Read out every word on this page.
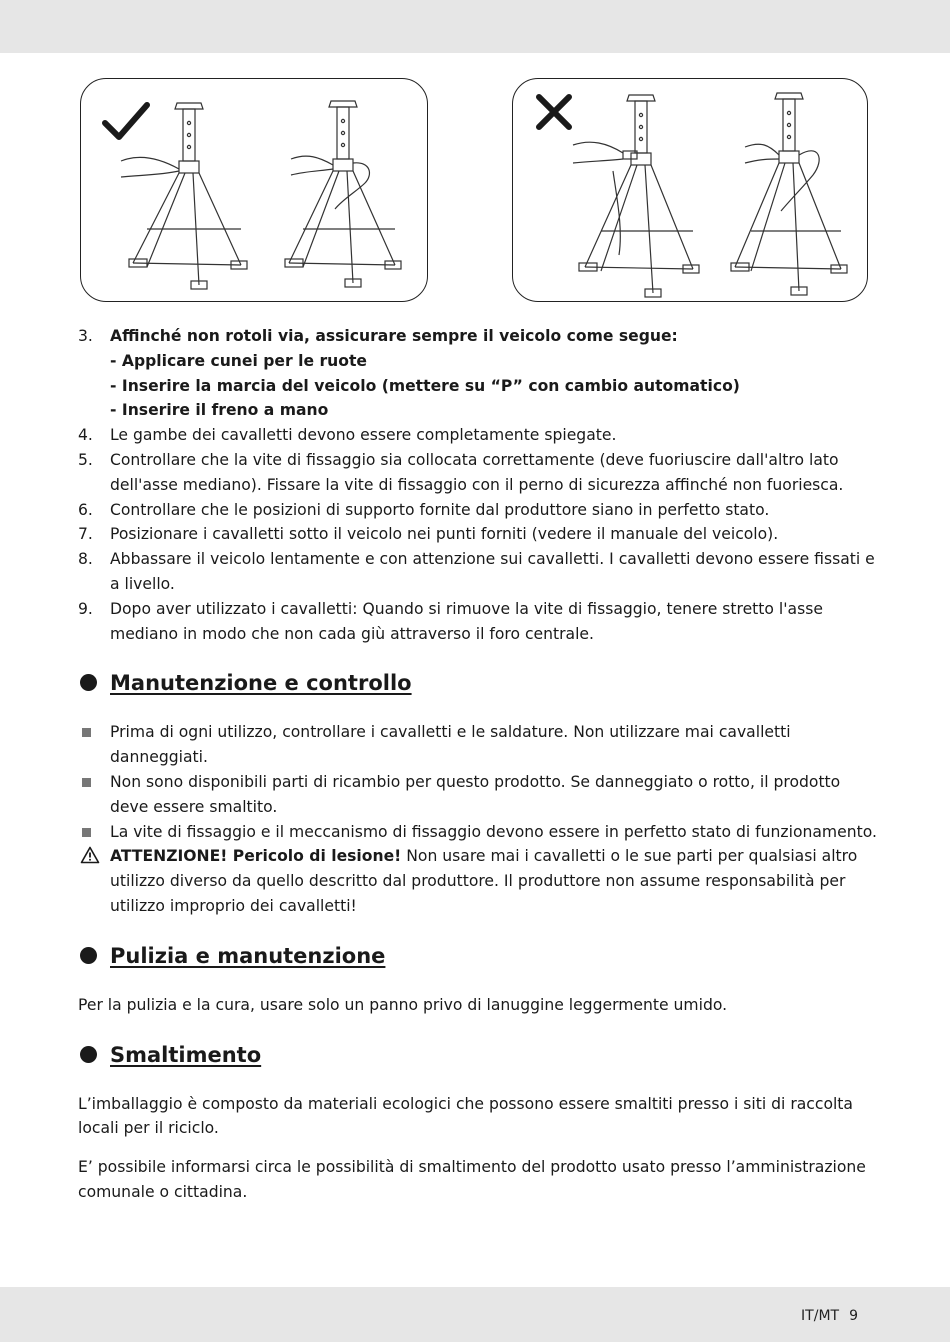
3. Affinché non rotoli via, assicurare sempre il veicolo come segue:
- Applicare cunei per le ruote
- Inserire la marcia del veicolo (mettere su “P” con cambio automatico)
- Inserire il freno a mano
4. Le gambe dei cavalletti devono essere completamente spiegate.
5. Controllare che la vite di fissaggio sia collocata correttamente (deve fuoriuscire dall'altro lato dell'asse mediano). Fissare la vite di fissaggio con il perno di sicurezza affinché non fuoriesca.
6. Controllare che le posizioni di supporto fornite dal produttore siano in perfetto stato.
7. Posizionare i cavalletti sotto il veicolo nei punti forniti (vedere il manuale del veicolo).
8. Abbassare il veicolo lentamente e con attenzione sui cavalletti. I cavalletti devono essere fissati e a livello.
9. Dopo aver utilizzato i cavalletti: Quando si rimuove la vite di fissaggio, tenere stretto l'asse mediano in modo che non cada giù attraverso il foro centrale.
Manutenzione e controllo
Prima di ogni utilizzo, controllare i cavalletti e le saldature. Non utilizzare mai cavalletti danneggiati.
Non sono disponibili parti di ricambio per questo prodotto. Se danneggiato o rotto, il prodotto deve essere smaltito.
La vite di fissaggio e il meccanismo di fissaggio devono essere in perfetto stato di funzionamento.
ATTENZIONE! Pericolo di lesione! Non usare mai i cavalletti o le sue parti per qualsiasi altro utilizzo diverso da quello descritto dal produttore. Il produttore non assume responsabilità per utilizzo improprio dei cavalletti!
Pulizia e manutenzione

Per la pulizia e la cura, usare solo un panno privo di lanuggine leggermente umido.

Smaltimento

L’imballaggio è composto da materiali ecologici che possono essere smaltiti presso i siti di raccolta locali per il riciclo.

E’ possibile informarsi circa le possibilità di smaltimento del prodotto usato presso l’amministrazione comunale o cittadina.

IT/MT 9
